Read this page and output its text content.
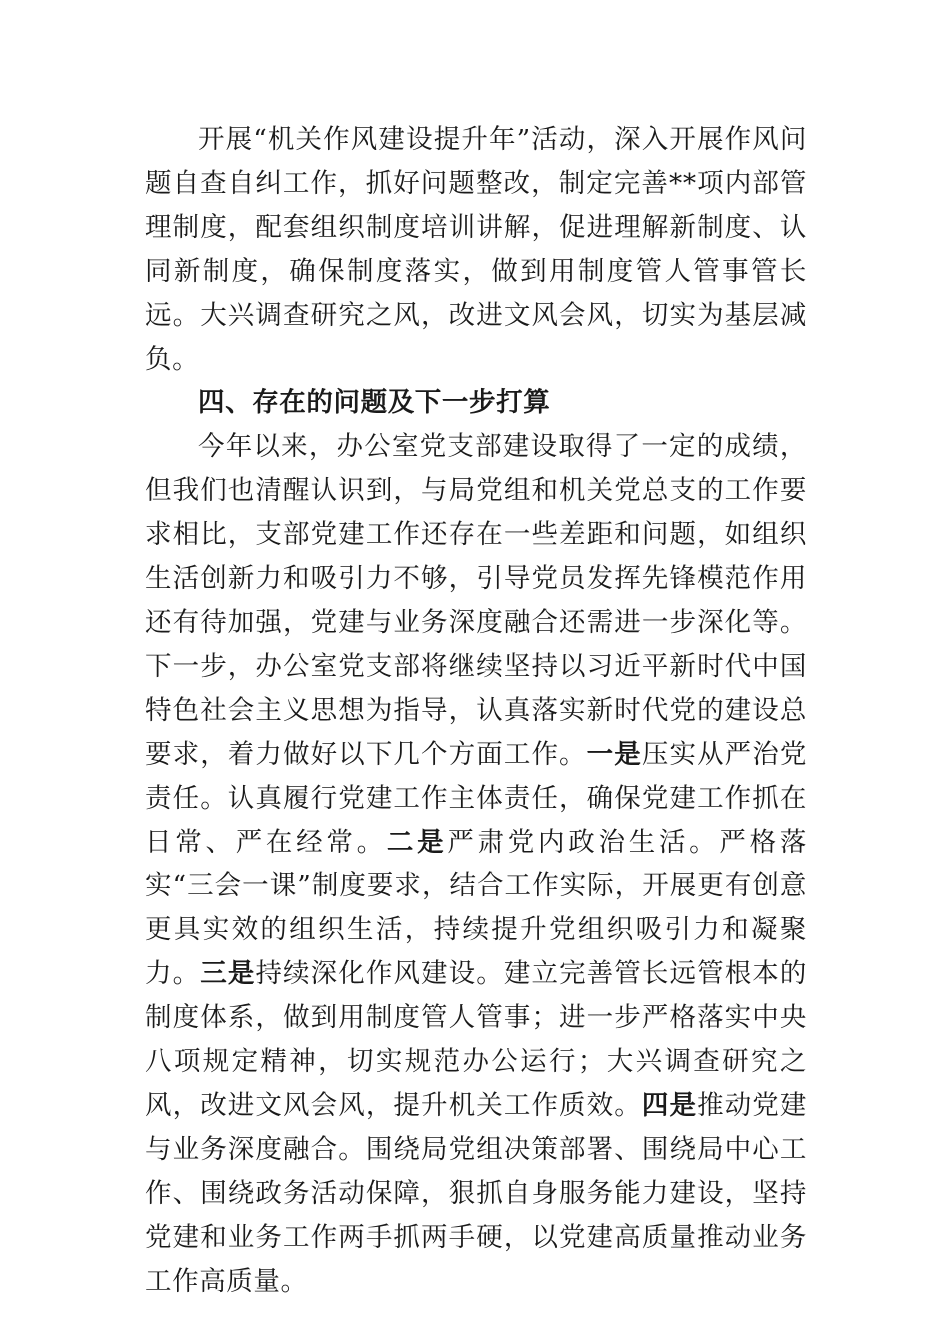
开展“机关作风建设提升年”活动，深入开展作风问题自查自纠工作，抓好问题整改，制定完善**项内部管理制度，配套组织制度培训讲解，促进理解新制度、认同新制度，确保制度落实，做到用制度管人管事管长远。大兴调查研究之风，改进文风会风，切实为基层减负。

四、存在的问题及下一步打算

今年以来，办公室党支部建设取得了一定的成绩，但我们也清醒认识到，与局党组和机关党总支的工作要求相比，支部党建工作还存在一些差距和问题，如组织生活创新力和吸引力不够，引导党员发挥先锋模范作用还有待加强，党建与业务深度融合还需进一步深化等。下一步，办公室党支部将继续坚持以习近平新时代中国特色社会主义思想为指导，认真落实新时代党的建设总要求，着力做好以下几个方面工作。一是压实从严治党责任。认真履行党建工作主体责任，确保党建工作抓在日常、严在经常。二是严肃党内政治生活。严格落实“三会一课”制度要求，结合工作实际，开展更有创意更具实效的组织生活，持续提升党组织吸引力和凝聚力。三是持续深化作风建设。建立完善管长远管根本的制度体系，做到用制度管人管事；进一步严格落实中央八项规定精神，切实规范办公运行；大兴调查研究之风，改进文风会风，提升机关工作质效。四是推动党建与业务深度融合。围绕局党组决策部署、围绕局中心工作、围绕政务活动保障，狠抓自身服务能力建设，坚持党建和业务工作两手抓两手硬，以党建高质量推动业务工作高质量。
